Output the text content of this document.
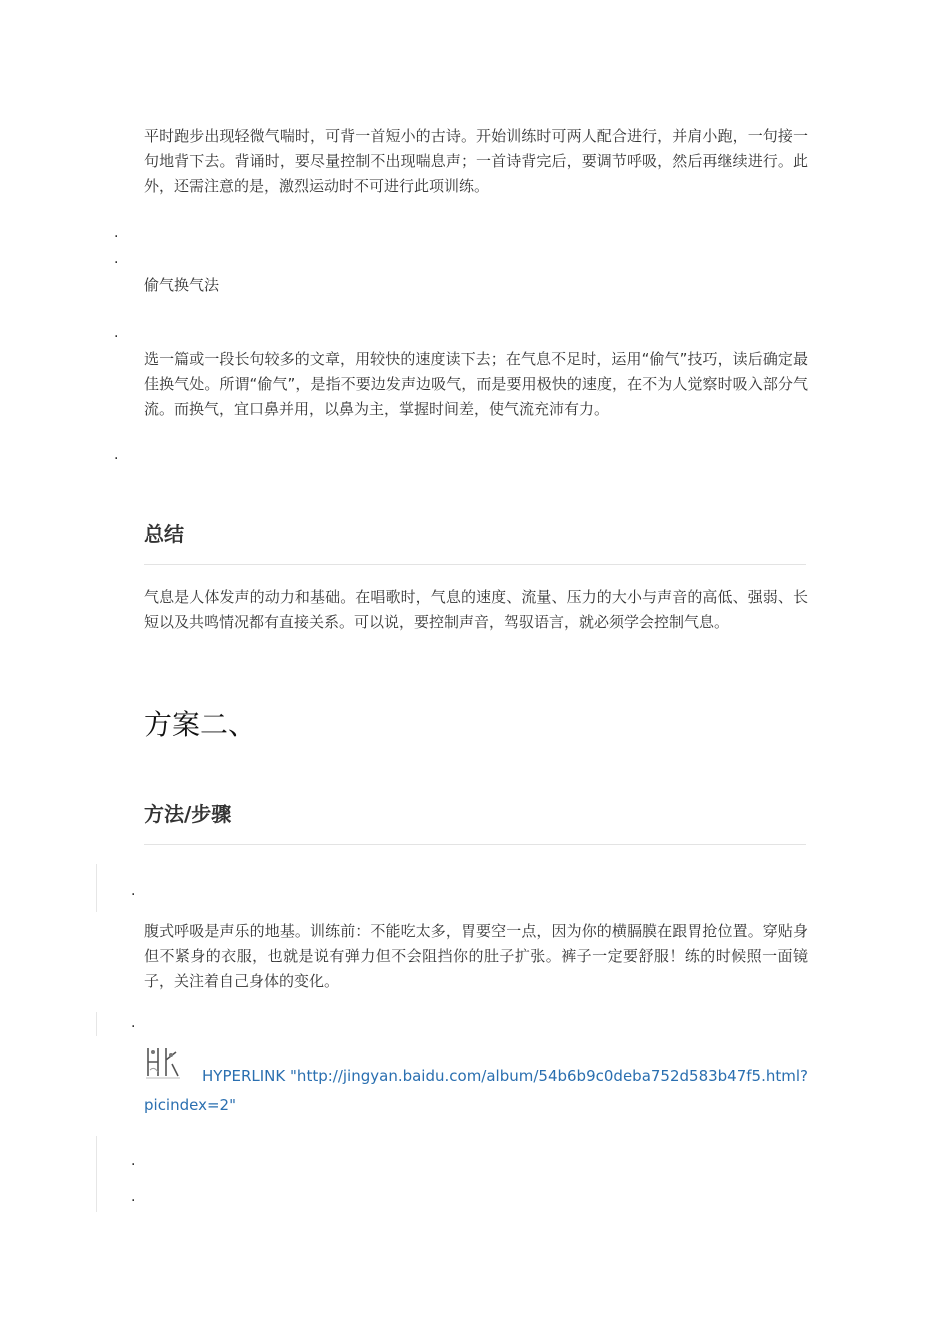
平时跑步出现轻微气喘时，可背一首短小的古诗。开始训练时可两人配合进行，并肩小跑，一句接一句地背下去。背诵时，要尽量控制不出现喘息声；一首诗背完后，要调节呼吸，然后再继续进行。此外，还需注意的是，激烈运动时不可进行此项训练。
·
·
偷气换气法
·
选一篇或一段长句较多的文章，用较快的速度读下去；在气息不足时，运用“偷气”技巧，读后确定最佳换气处。所谓“偷气”，是指不要边发声边吸气，而是要用极快的速度，在不为人觉察时吸入部分气流。而换气，宜口鼻并用，以鼻为主，掌握时间差，使气流充沛有力。
·
总结
气息是人体发声的动力和基础。在唱歌时，气息的速度、流量、压力的大小与声音的高低、强弱、长短以及共鸣情况都有直接关系。可以说，要控制声音，驾驭语言，就必须学会控制气息。
方案二、
方法/步骤
·
腹式呼吸是声乐的地基。训练前：不能吃太多，胃要空一点，因为你的横膈膜在跟胃抢位置。穿贴身但不紧身的衣服，也就是说有弹力但不会阻挡你的肚子扩张。裤子一定要舒服！练的时候照一面镜子，关注着自己身体的变化。
·
HYPERLINK "http://jingyan.baidu.com/album/54b6b9c0deba752d583b47f5.html?
picindex=2"
·
·
